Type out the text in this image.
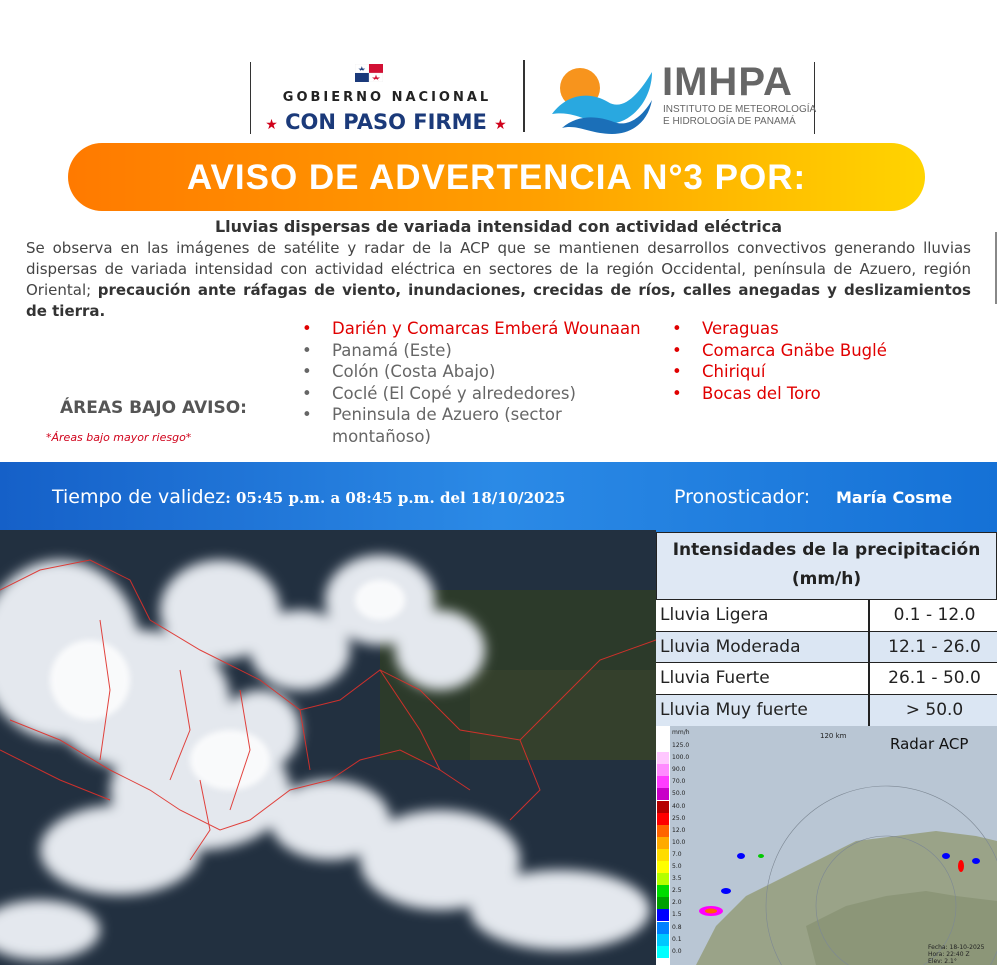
GOBIERNO NACIONAL
★ CON PASO FIRME ★
IMHPA
INSTITUTO DE METEOROLOGÍA
E HIDROLOGÍA DE PANAMÁ
AVISO DE ADVERTENCIA N°3 POR:
Lluvias dispersas de variada intensidad con actividad eléctrica
Se observa en las imágenes de satélite y radar de la ACP que se mantienen desarrollos convectivos generando lluvias dispersas de variada intensidad con actividad eléctrica en sectores de la región Occidental, península de Azuero, región Oriental; precaución ante ráfagas de viento, inundaciones, crecidas de ríos, calles anegadas y deslizamientos de tierra.
ÁREAS BAJO AVISO:
*Áreas bajo mayor riesgo*
• Darién y Comarcas Emberá Wounaan
• Panamá (Este)
• Colón (Costa Abajo)
• Coclé (El Copé y alrededores)
• Peninsula de Azuero (sector montañoso)
• Veraguas
• Comarca Gnäbe Buglé
• Chiriquí
• Bocas del Toro
Tiempo de validez: 05:45 p.m. a 08:45 p.m. del 18/10/2025	Pronosticador: María Cosme
Intensidades de la precipitación
(mm/h)
Lluvia Ligera	0.1 - 12.0
Lluvia Moderada	12.1 - 26.0
Lluvia Fuerte	26.1 - 50.0
Lluvia Muy fuerte	> 50.0
125.0
100.0
90.0
70.0
50.0
40.0
25.0
12.0
10.0
7.0
5.0
3.5
2.5
2.0
1.5
0.8
0.1
0.0
mm/h	120 km	Radar ACP
Fecha: 18-10-2025
Hora: 22:40 Z
Elev: 2.1°
